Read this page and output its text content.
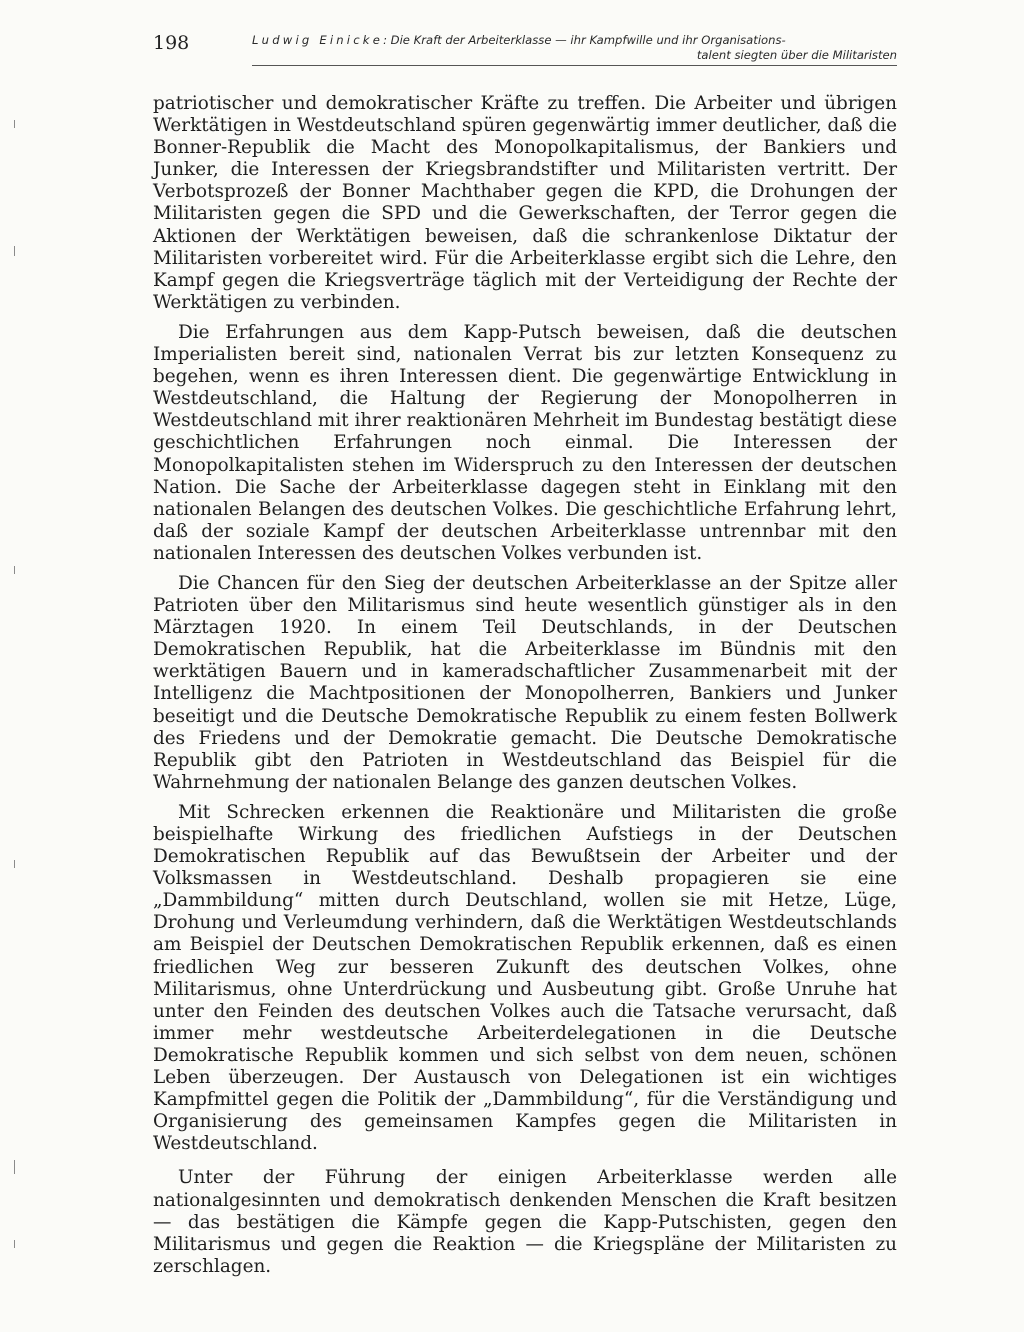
198	Ludwig Einicke: Die Kraft der Arbeiterklasse — ihr Kampfwille und ihr Organisations-
talent siegten über die Militaristen

patriotischer und demokratischer Kräfte zu treffen. Die Arbeiter und übrigen Werktätigen in Westdeutschland spüren gegenwärtig immer deutlicher, daß die Bonner-Republik die Macht des Monopolkapitalismus, der Bankiers und Junker, die Interessen der Kriegsbrandstifter und Militaristen vertritt. Der Verbotsprozeß der Bonner Machthaber gegen die KPD, die Drohungen der Militaristen gegen die SPD und die Gewerkschaften, der Terror gegen die Aktionen der Werktätigen beweisen, daß die schrankenlose Diktatur der Militaristen vorbereitet wird. Für die Arbeiterklasse ergibt sich die Lehre, den Kampf gegen die Kriegsverträge täglich mit der Verteidigung der Rechte der Werktätigen zu verbinden.

Die Erfahrungen aus dem Kapp-Putsch beweisen, daß die deutschen Imperialisten bereit sind, nationalen Verrat bis zur letzten Konsequenz zu begehen, wenn es ihren Interessen dient. Die gegenwärtige Entwicklung in Westdeutschland, die Haltung der Regierung der Monopolherren in Westdeutschland mit ihrer reaktionären Mehrheit im Bundestag bestätigt diese geschichtlichen Erfahrungen noch einmal. Die Interessen der Monopolkapitalisten stehen im Widerspruch zu den Interessen der deutschen Nation. Die Sache der Arbeiterklasse dagegen steht in Einklang mit den nationalen Belangen des deutschen Volkes. Die geschichtliche Erfahrung lehrt, daß der soziale Kampf der deutschen Arbeiterklasse untrennbar mit den nationalen Interessen des deutschen Volkes verbunden ist.

Die Chancen für den Sieg der deutschen Arbeiterklasse an der Spitze aller Patrioten über den Militarismus sind heute wesentlich günstiger als in den Märztagen 1920. In einem Teil Deutschlands, in der Deutschen Demokratischen Republik, hat die Arbeiterklasse im Bündnis mit den werktätigen Bauern und in kameradschaftlicher Zusammenarbeit mit der Intelligenz die Machtpositionen der Monopolherren, Bankiers und Junker beseitigt und die Deutsche Demokratische Republik zu einem festen Bollwerk des Friedens und der Demokratie gemacht. Die Deutsche Demokratische Republik gibt den Patrioten in Westdeutschland das Beispiel für die Wahrnehmung der nationalen Belange des ganzen deutschen Volkes.

Mit Schrecken erkennen die Reaktionäre und Militaristen die große beispielhafte Wirkung des friedlichen Aufstiegs in der Deutschen Demokratischen Republik auf das Bewußtsein der Arbeiter und der Volksmassen in Westdeutschland. Deshalb propagieren sie eine „Dammbildung“ mitten durch Deutschland, wollen sie mit Hetze, Lüge, Drohung und Verleumdung verhindern, daß die Werktätigen Westdeutschlands am Beispiel der Deutschen Demokratischen Republik erkennen, daß es einen friedlichen Weg zur besseren Zukunft des deutschen Volkes, ohne Militarismus, ohne Unterdrückung und Ausbeutung gibt. Große Unruhe hat unter den Feinden des deutschen Volkes auch die Tatsache verursacht, daß immer mehr westdeutsche Arbeiterdelegationen in die Deutsche Demokratische Republik kommen und sich selbst von dem neuen, schönen Leben überzeugen. Der Austausch von Delegationen ist ein wichtiges Kampfmittel gegen die Politik der „Dammbildung“, für die Verständigung und Organisierung des gemeinsamen Kampfes gegen die Militaristen in Westdeutschland.

Unter der Führung der einigen Arbeiterklasse werden alle nationalgesinnten und demokratisch denkenden Menschen die Kraft besitzen — das bestätigen die Kämpfe gegen die Kapp-Putschisten, gegen den Militarismus und gegen die Reaktion — die Kriegspläne der Militaristen zu zerschlagen.
